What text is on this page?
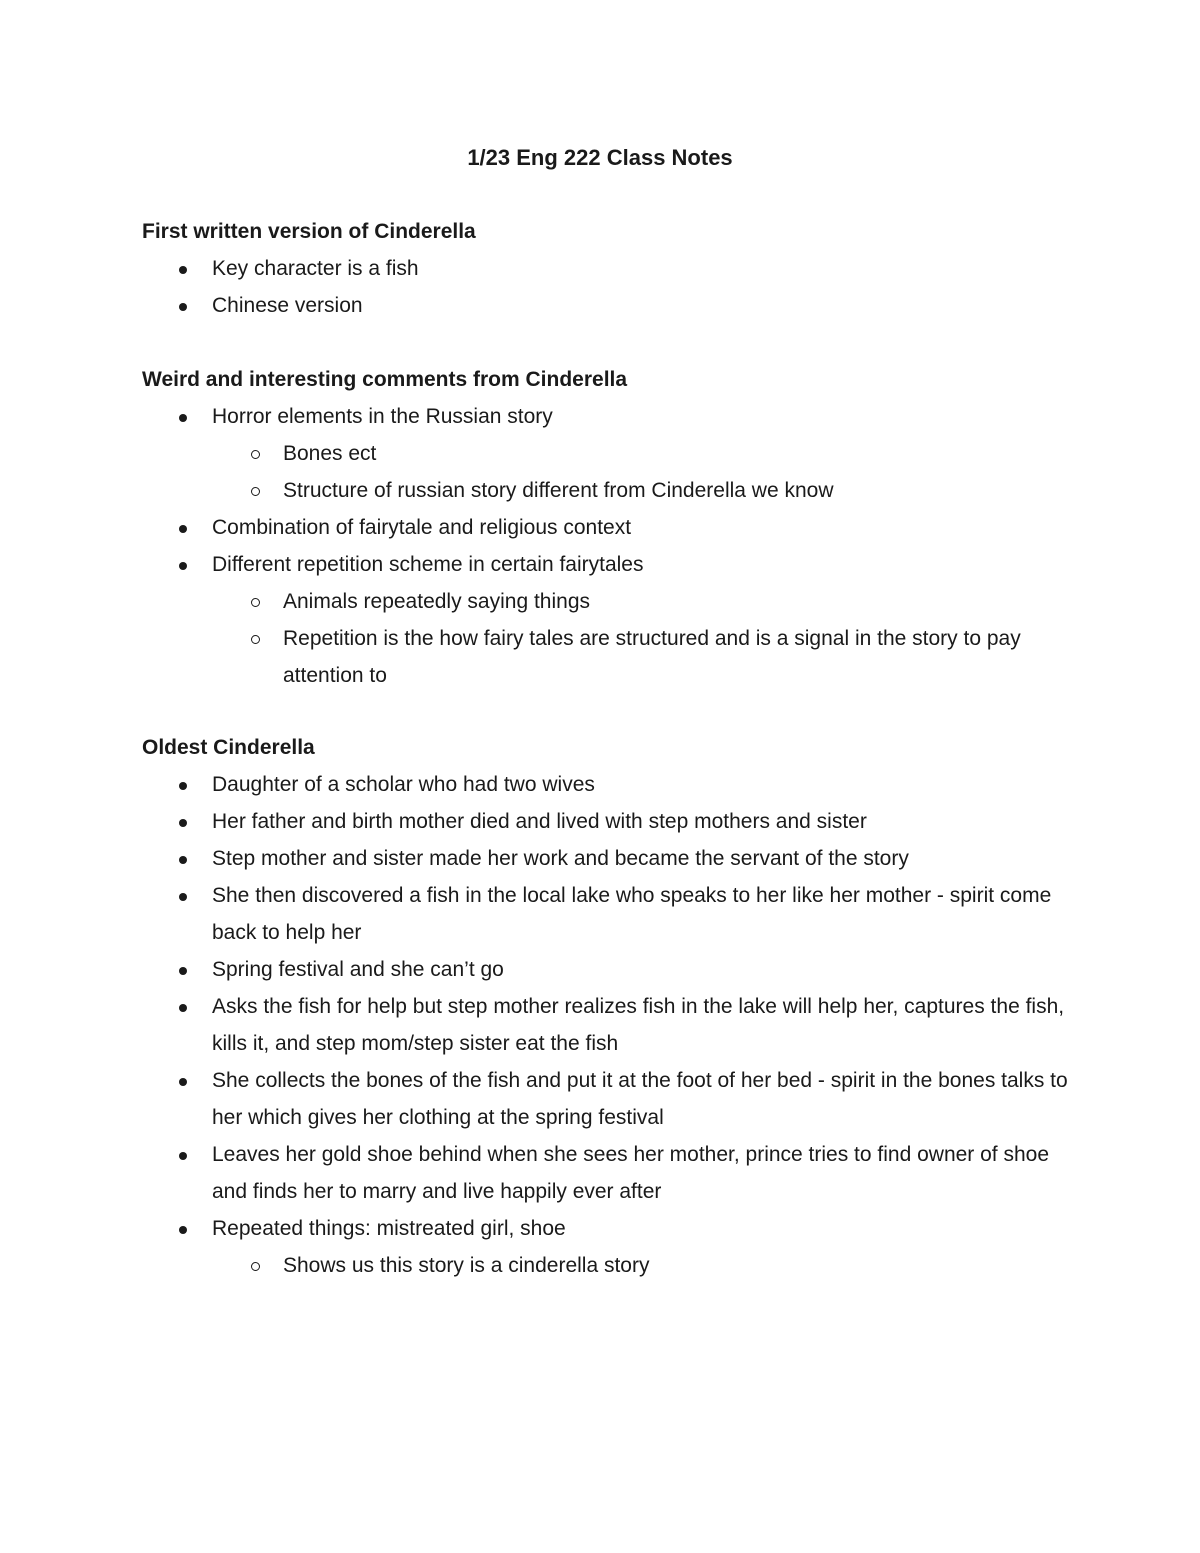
1/23 Eng 222 Class Notes

First written version of Cinderella

Key character is a fish
Chinese version

Weird and interesting comments from Cinderella

Horror elements in the Russian story
Bones ect
Structure of russian story different from Cinderella we know
Combination of fairytale and religious context
Different repetition scheme in certain fairytales
Animals repeatedly saying things
Repetition is the how fairy tales are structured and is a signal in the story to pay attention to

Oldest Cinderella

Daughter of a scholar who had two wives
Her father and birth mother died and lived with step mothers and sister
Step mother and sister made her work and became the servant of the story
She then discovered a fish in the local lake who speaks to her like her mother - spirit come back to help her
Spring festival and she can’t go
Asks the fish for help but step mother realizes fish in the lake will help her, captures the fish, kills it, and step mom/step sister eat the fish
She collects the bones of the fish and put it at the foot of her bed - spirit in the bones talks to her which gives her clothing at the spring festival
Leaves her gold shoe behind when she sees her mother, prince tries to find owner of shoe and finds her to marry and live happily ever after
Repeated things: mistreated girl, shoe
Shows us this story is a cinderella story
